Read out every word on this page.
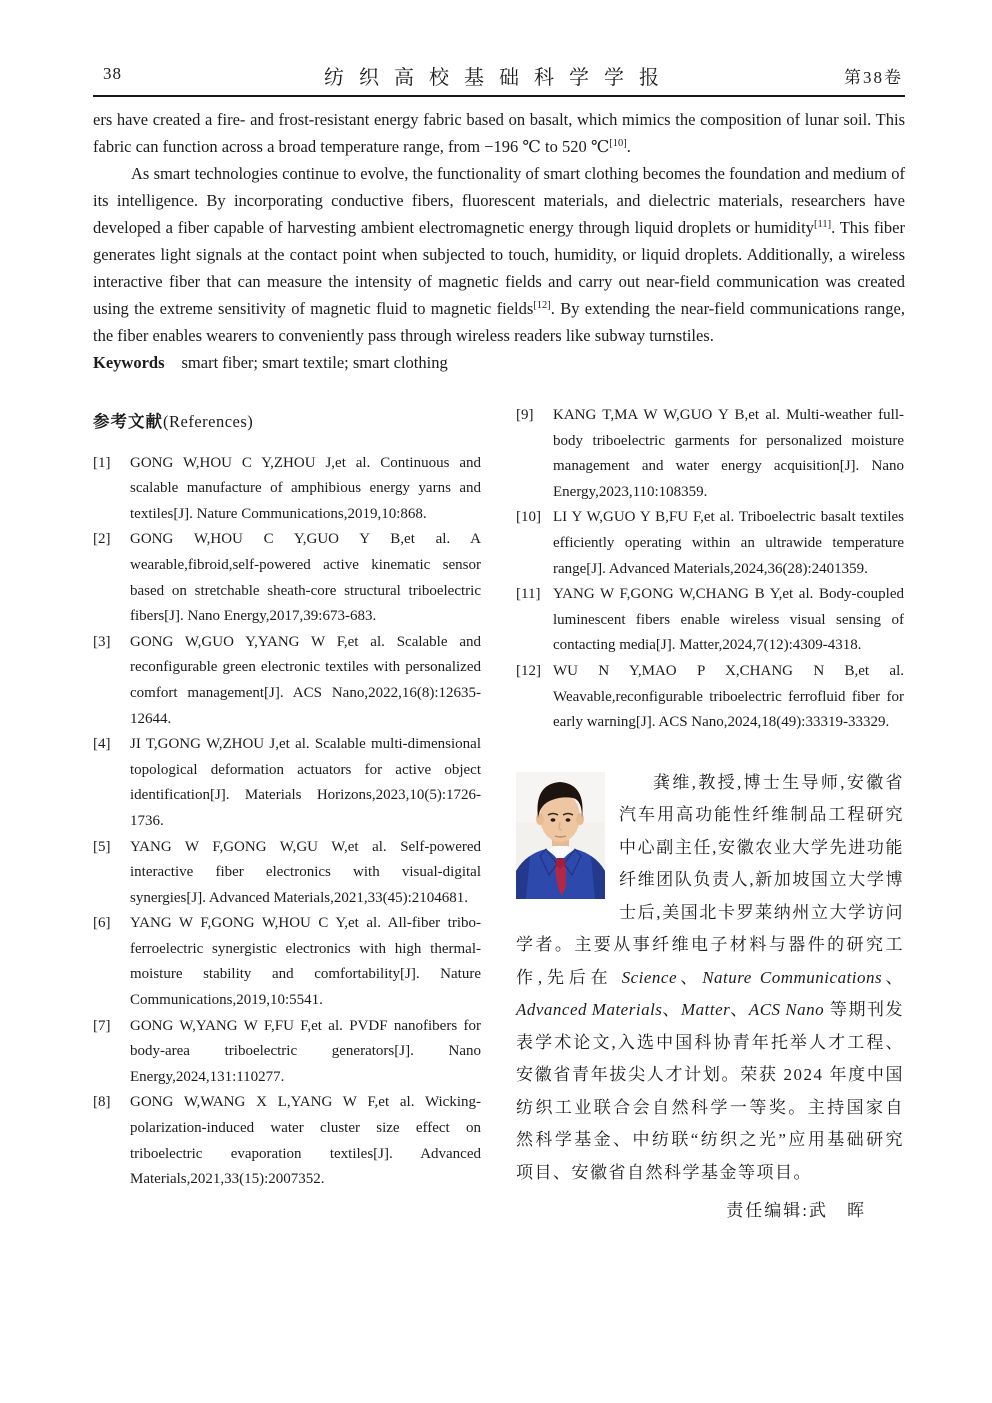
38	纺织高校基础科学学报	第38卷

ers have created a fire- and frost-resistant energy fabric based on basalt, which mimics the composition of lunar soil. This fabric can function across a broad temperature range, from −196 ℃ to 520 ℃[10].

As smart technologies continue to evolve, the functionality of smart clothing becomes the foundation and medium of its intelligence. By incorporating conductive fibers, fluorescent materials, and dielectric materials, researchers have developed a fiber capable of harvesting ambient electromagnetic energy through liquid droplets or humidity[11]. This fiber generates light signals at the contact point when subjected to touch, humidity, or liquid droplets. Additionally, a wireless interactive fiber that can measure the intensity of magnetic fields and carry out near-field communication was created using the extreme sensitivity of magnetic fluid to magnetic fields[12]. By extending the near-field communications range, the fiber enables wearers to conveniently pass through wireless readers like subway turnstiles.

Keywords smart fiber; smart textile; smart clothing

参考文献(References)
[1] GONG W,HOU C Y,ZHOU J,et al. Continuous and scalable manufacture of amphibious energy yarns and textiles[J]. Nature Communications,2019,10:868.
[2] GONG W,HOU C Y,GUO Y B,et al. A wearable,fibroid,self-powered active kinematic sensor based on stretchable sheath-core structural triboelectric fibers[J]. Nano Energy,2017,39:673-683.
[3] GONG W,GUO Y,YANG W F,et al. Scalable and reconfigurable green electronic textiles with personalized comfort management[J]. ACS Nano,2022,16(8):12635-12644.
[4] JI T,GONG W,ZHOU J,et al. Scalable multi-dimensional topological deformation actuators for active object identification[J]. Materials Horizons,2023,10(5):1726-1736.
[5] YANG W F,GONG W,GU W,et al. Self-powered interactive fiber electronics with visual-digital synergies[J]. Advanced Materials,2021,33(45):2104681.
[6] YANG W F,GONG W,HOU C Y,et al. All-fiber tribo-ferroelectric synergistic electronics with high thermal-moisture stability and comfortability[J]. Nature Communications,2019,10:5541.
[7] GONG W,YANG W F,FU F,et al. PVDF nanofibers for body-area triboelectric generators[J]. Nano Energy,2024,131:110277.
[8] GONG W,WANG X L,YANG W F,et al. Wicking-polarization-induced water cluster size effect on triboelectric evaporation textiles[J]. Advanced Materials,2021,33(15):2007352.
[9] KANG T,MA W W,GUO Y B,et al. Multi-weather full-body triboelectric garments for personalized moisture management and water energy acquisition[J]. Nano Energy,2023,110:108359.
[10] LI Y W,GUO Y B,FU F,et al. Triboelectric basalt textiles efficiently operating within an ultrawide temperature range[J]. Advanced Materials,2024,36(28):2401359.
[11] YANG W F,GONG W,CHANG B Y,et al. Body-coupled luminescent fibers enable wireless visual sensing of contacting media[J]. Matter,2024,7(12):4309-4318.
[12] WU N Y,MAO P X,CHANG N B,et al. Weavable,reconfigurable triboelectric ferrofluid fiber for early warning[J]. ACS Nano,2024,18(49):33319-33329.

龚维,教授,博士生导师,安徽省汽车用高功能性纤维制品工程研究中心副主任,安徽农业大学先进功能纤维团队负责人,新加坡国立大学博士后,美国北卡罗莱纳州立大学访问学者。主要从事纤维电子材料与器件的研究工作,先后在 Science、Nature Communications、Advanced Materials、Matter、ACS Nano 等期刊发表学术论文,入选中国科协青年托举人才工程、安徽省青年拔尖人才计划。荣获 2024 年度中国纺织工业联合会自然科学一等奖。主持国家自然科学基金、中纺联“纺织之光”应用基础研究项目、安徽省自然科学基金等项目。

责任编辑:武　晖
